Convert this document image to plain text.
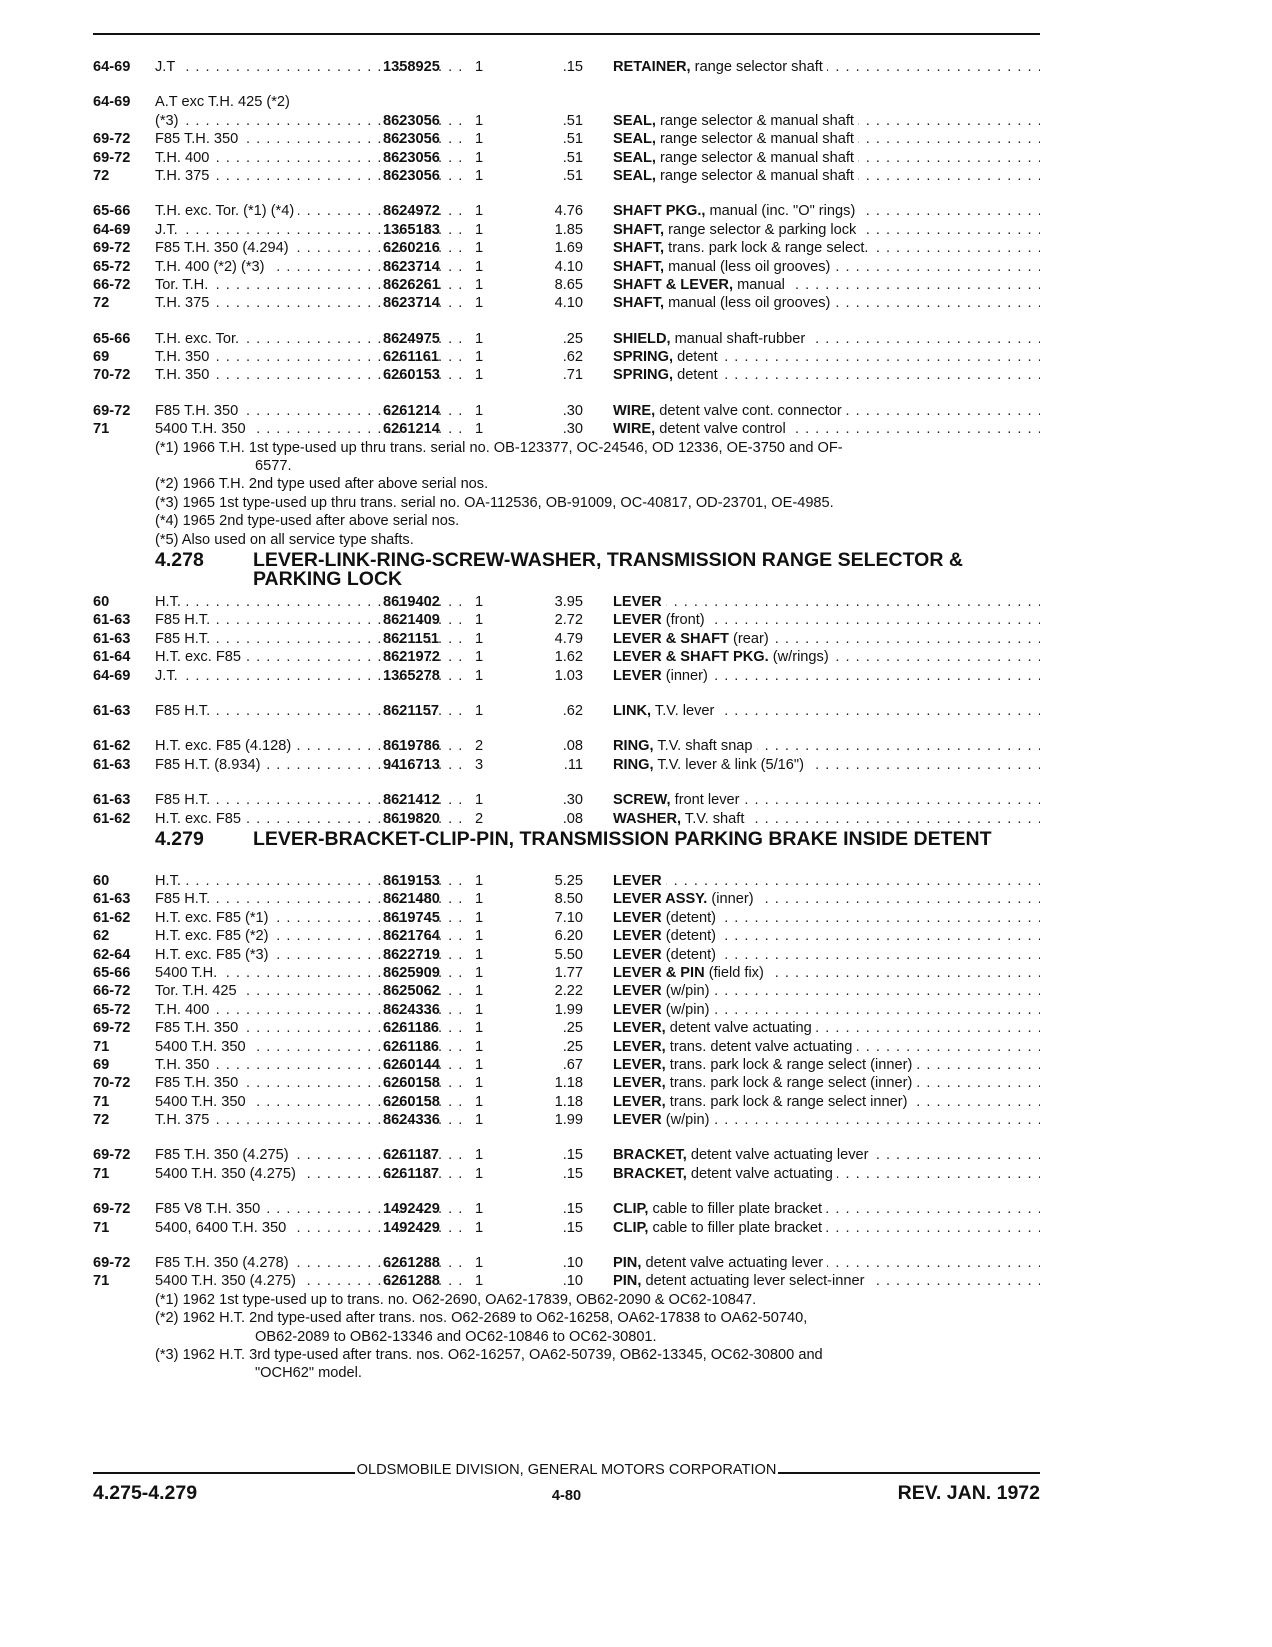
64-69	J.T . . .	1358925	1	.15 RETAINER, range selector shaft . . .
64-69	A.T exc T.H. 425 (*2)
(*3) . . .	8623056	1	.51 SEAL, range selector & manual shaft . . .
69-72	F85 T.H. 350 . . .	8623056	1	.51 SEAL, range selector & manual shaft . . .
69-72	T.H. 400 . . .	8623056	1	.51 SEAL, range selector & manual shaft . . .
72	T.H. 375 . . .	8623056	1	.51 SEAL, range selector & manual shaft . . .
65-66	T.H. exc. Tor. (*1) (*4) . . .	8624972	1	4.76 SHAFT PKG., manual (inc. "O" rings) . . .
64-69	J.T. . . .	1365183	1	1.85 SHAFT, range selector & parking lock . . .
69-72	F85 T.H. 350 (4.294) . . .	6260216	1	1.69 SHAFT, trans. park lock & range select. . . .
65-72	T.H. 400 (*2) (*3) . . .	8623714	1	4.10 SHAFT, manual (less oil grooves) . . .
66-72	Tor. T.H. . . .	8626261	1	8.65 SHAFT & LEVER, manual . . .
72	T.H. 375 . . .	8623714	1	4.10 SHAFT, manual (less oil grooves) . . .
65-66	T.H. exc. Tor. . . .	8624975	1	.25 SHIELD, manual shaft-rubber . . .
69	T.H. 350 . . .	6261161	1	.62 SPRING, detent . . .
70-72	T.H. 350 . . .	6260153	1	.71 SPRING, detent . . .
69-72	F85 T.H. 350 . . .	6261214	1	.30 WIRE, detent valve cont. connector . . .
71	5400 T.H. 350 . . .	6261214	1	.30 WIRE, detent valve control . . .
(*1) 1966 T.H. 1st type-used up thru trans. serial no. OB-123377, OC-24546, OD 12336, OE-3750 and OF-
6577.
(*2) 1966 T.H. 2nd type used after above serial nos.
(*3) 1965 1st type-used up thru trans. serial no. OA-112536, OB-91009, OC-40817, OD-23701, OE-4985.
(*4) 1965 2nd type-used after above serial nos.
(*5) Also used on all service type shafts.
4.278	LEVER-LINK-RING-SCREW-WASHER, TRANSMISSION RANGE SELECTOR & PARKING LOCK
60	H.T. . . .	8619402	1	3.95 LEVER . . .
61-63	F85 H.T. . . .	8621409	1	2.72 LEVER (front) . . .
61-63	F85 H.T. . . .	8621151	1	4.79 LEVER & SHAFT (rear) . . .
61-64	H.T. exc. F85 . . .	8621972	1	1.62 LEVER & SHAFT PKG. (w/rings) . . .
64-69	J.T. . . .	1365278	1	1.03 LEVER (inner) . . .
61-63	F85 H.T. . . .	8621157	1	.62 LINK, T.V. lever . . .
61-62	H.T. exc. F85 (4.128) . . .	8619786	2	.08 RING, T.V. shaft snap . . .
61-63	F85 H.T. (8.934) . . .	9416713	3	.11 RING, T.V. lever & link (5/16") . . .
61-63	F85 H.T. . . .	8621412	1	.30 SCREW, front lever . . .
61-62	H.T. exc. F85 . . .	8619820	2	.08 WASHER, T.V. shaft . . .
4.279	LEVER-BRACKET-CLIP-PIN, TRANSMISSION PARKING BRAKE INSIDE DETENT
60	H.T. . . .	8619153	1	5.25 LEVER . . .
61-63	F85 H.T. . . .	8621480	1	8.50 LEVER ASSY. (inner) . . .
61-62	H.T. exc. F85 (*1) . . .	8619745	1	7.10 LEVER (detent) . . .
62	H.T. exc. F85 (*2) . . .	8621764	1	6.20 LEVER (detent) . . .
62-64	H.T. exc. F85 (*3) . . .	8622719	1	5.50 LEVER (detent) . . .
65-66	5400 T.H. . . .	8625909	1	1.77 LEVER & PIN (field fix) . . .
66-72	Tor. T.H. 425 . . .	8625062	1	2.22 LEVER (w/pin) . . .
65-72	T.H. 400 . . .	8624336	1	1.99 LEVER (w/pin) . . .
69-72	F85 T.H. 350 . . .	6261186	1	.25 LEVER, detent valve actuating . . .
71	5400 T.H. 350 . . .	6261186	1	.25 LEVER, trans. detent valve actuating . . .
69	T.H. 350 . . .	6260144	1	.67 LEVER, trans. park lock & range select (inner) . . .
70-72	F85 T.H. 350 . . .	6260158	1	1.18 LEVER, trans. park lock & range select (inner) . . .
71	5400 T.H. 350 . . .	6260158	1	1.18 LEVER, trans. park lock & range select inner) . . .
72	T.H. 375 . . .	8624336	1	1.99 LEVER (w/pin) . . .
69-72	F85 T.H. 350 (4.275) . . .	6261187	1	.15 BRACKET, detent valve actuating lever . . .
71	5400 T.H. 350 (4.275) . . .	6261187	1	.15 BRACKET, detent valve actuating . . .
69-72	F85 V8 T.H. 350 . . .	1492429	1	.15 CLIP, cable to filler plate bracket . . .
71	5400, 6400 T.H. 350 . . .	1492429	1	.15 CLIP, cable to filler plate bracket . . .
69-72	F85 T.H. 350 (4.278) . . .	6261288	1	.10 PIN, detent valve actuating lever . . .
71	5400 T.H. 350 (4.275) . . .	6261288	1	.10 PIN, detent actuating lever select-inner . . .
(*1) 1962 1st type-used up to trans. no. O62-2690, OA62-17839, OB62-2090 & OC62-10847.
(*2) 1962 H.T. 2nd type-used after trans. nos. O62-2689 to O62-16258, OA62-17838 to OA62-50740,
OB62-2089 to OB62-13346 and OC62-10846 to OC62-30801.
(*3) 1962 H.T. 3rd type-used after trans. nos. O62-16257, OA62-50739, OB62-13345, OC62-30800 and
"OCH62" model.
OLDSMOBILE DIVISION, GENERAL MOTORS CORPORATION
4.275-4.279	4-80	REV. JAN. 1972
